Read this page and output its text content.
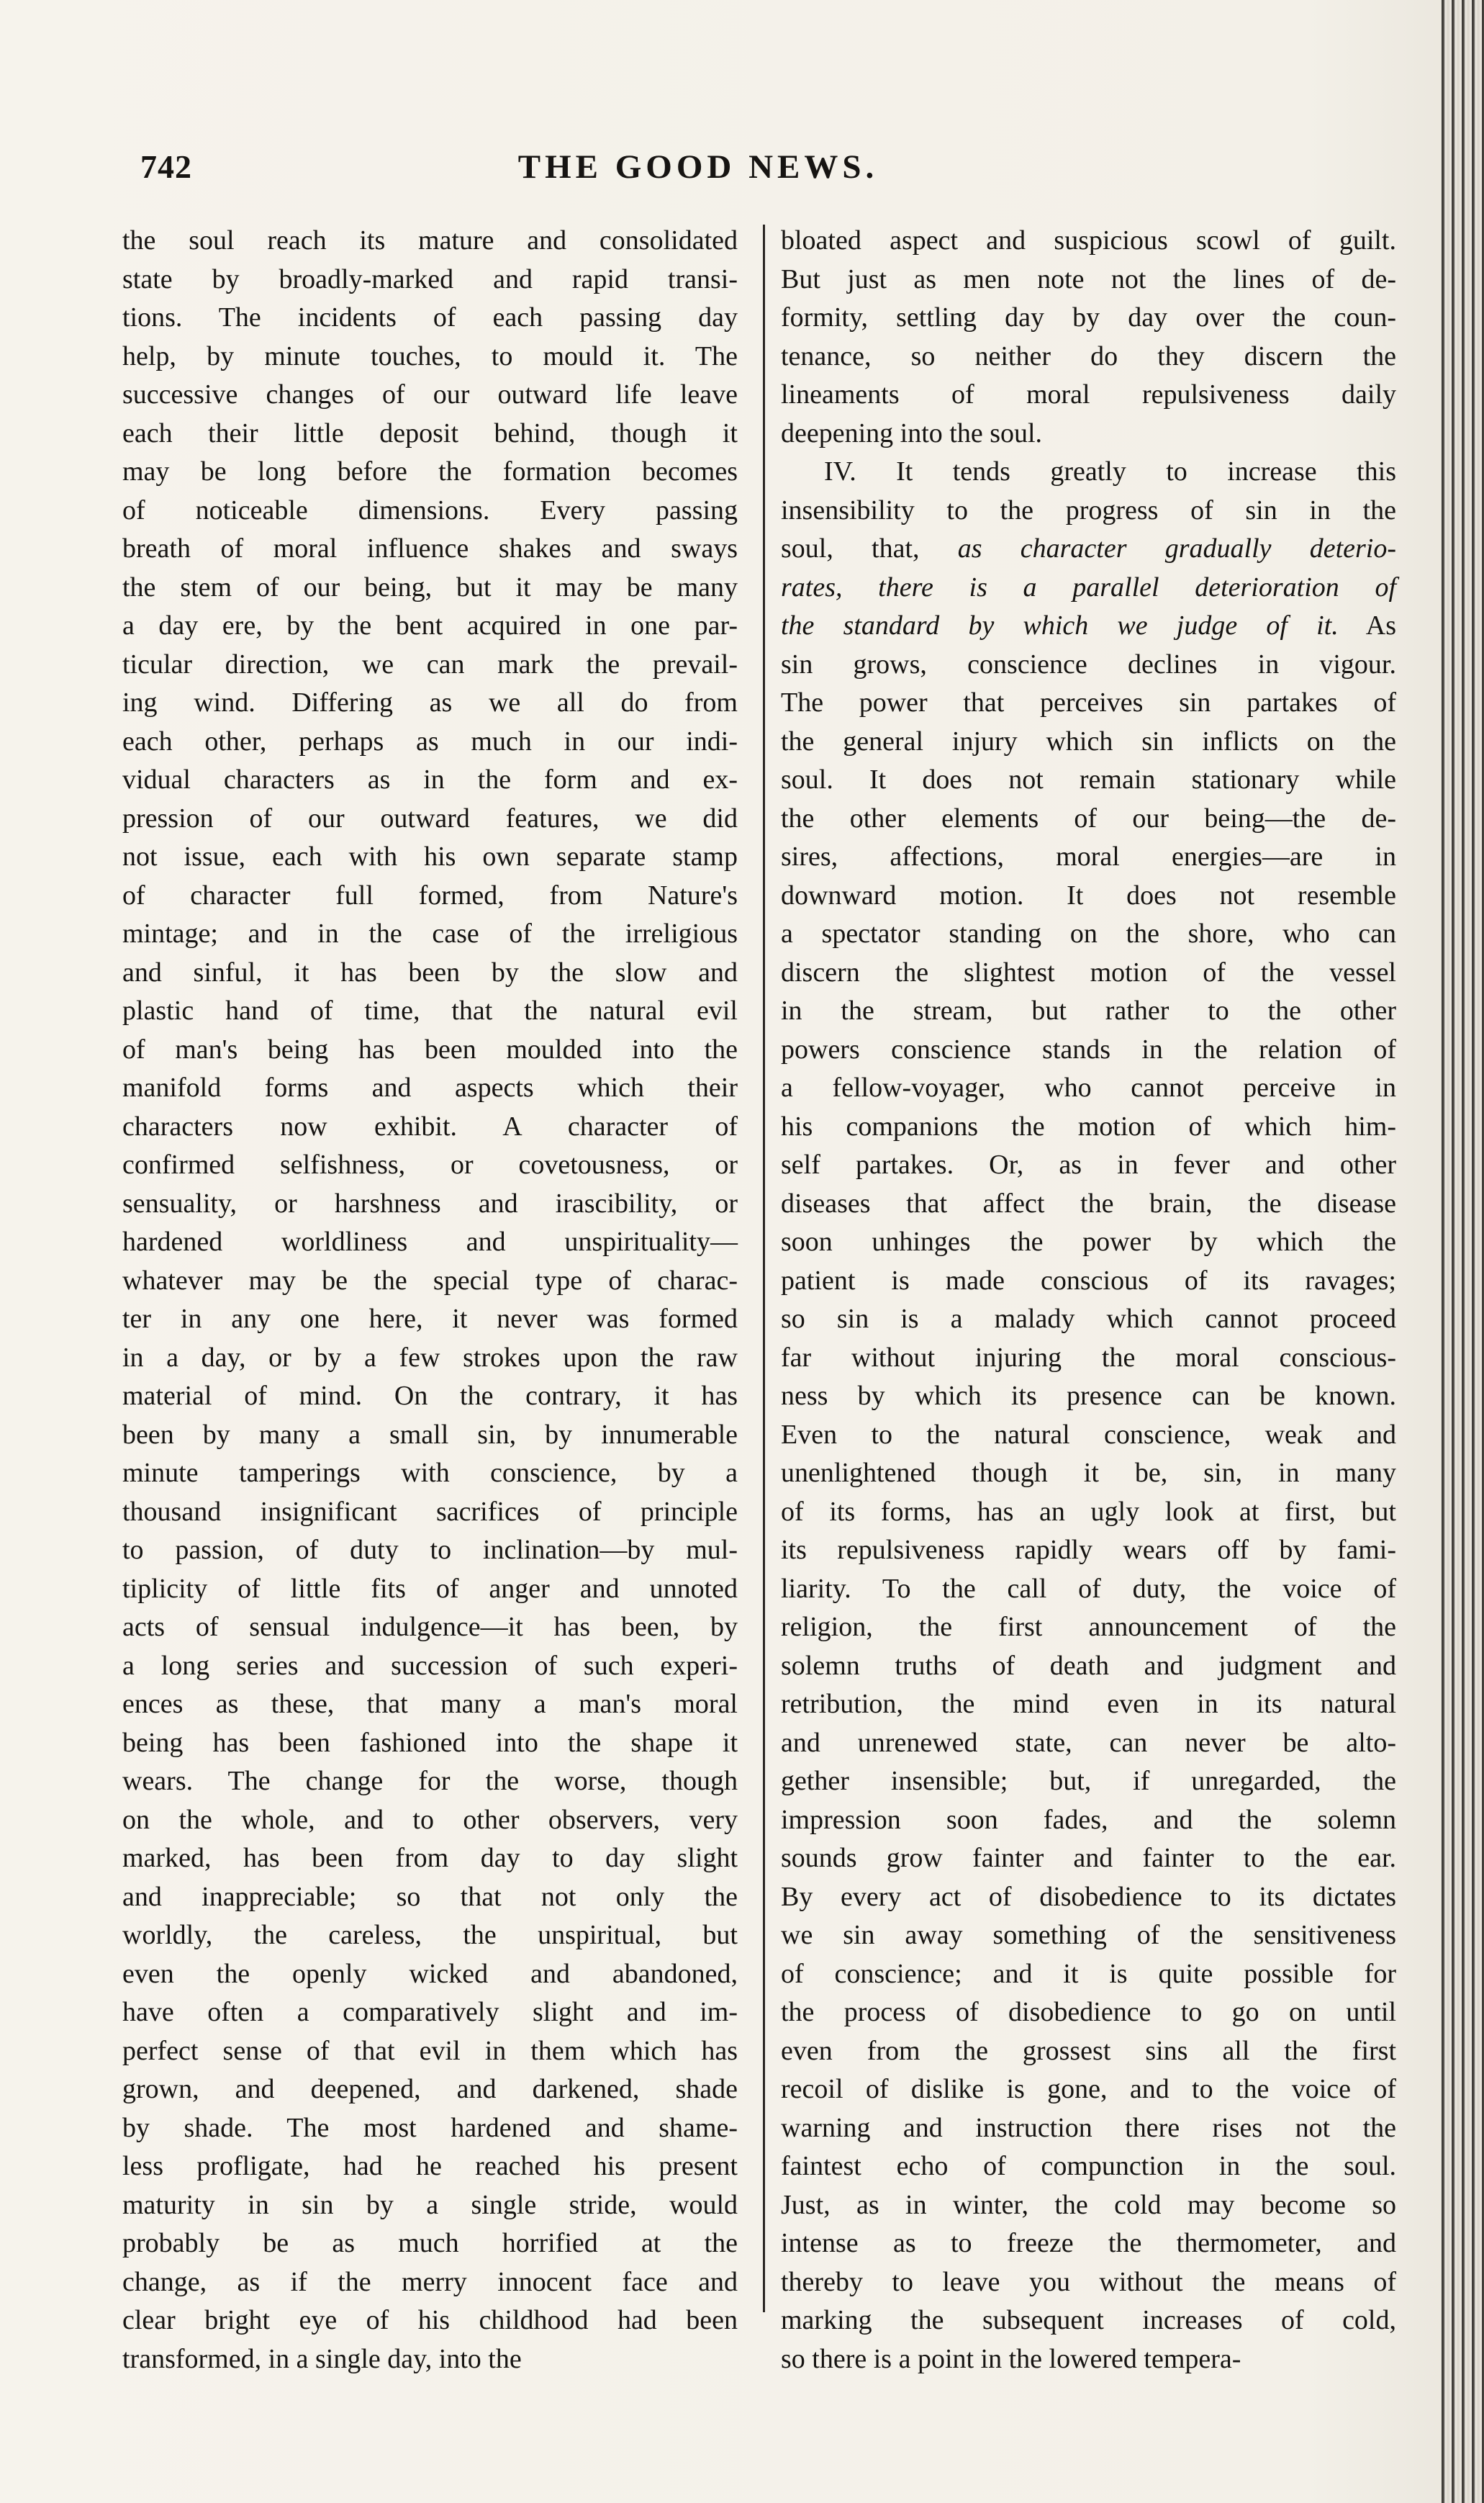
742	THE GOOD NEWS.
the soul reach its mature and consolidated
state by broadly-marked and rapid transi-
tions. The incidents of each passing day
help, by minute touches, to mould it. The
successive changes of our outward life leave
each their little deposit behind, though it
may be long before the formation becomes
of noticeable dimensions. Every passing
breath of moral influence shakes and sways
the stem of our being, but it may be many
a day ere, by the bent acquired in one par-
ticular direction, we can mark the prevail-
ing wind. Differing as we all do from
each other, perhaps as much in our indi-
vidual characters as in the form and ex-
pression of our outward features, we did
not issue, each with his own separate stamp
of character full formed, from Nature's
mintage; and in the case of the irreligious
and sinful, it has been by the slow and
plastic hand of time, that the natural evil
of man's being has been moulded into the
manifold forms and aspects which their
characters now exhibit. A character of
confirmed selfishness, or covetousness, or
sensuality, or harshness and irascibility, or
hardened worldliness and unspirituality—
whatever may be the special type of charac-
ter in any one here, it never was formed
in a day, or by a few strokes upon the raw
material of mind. On the contrary, it has
been by many a small sin, by innumerable
minute tamperings with conscience, by a
thousand insignificant sacrifices of principle
to passion, of duty to inclination—by mul-
tiplicity of little fits of anger and unnoted
acts of sensual indulgence—it has been, by
a long series and succession of such experi-
ences as these, that many a man's moral
being has been fashioned into the shape it
wears. The change for the worse, though
on the whole, and to other observers, very
marked, has been from day to day slight
and inappreciable; so that not only the
worldly, the careless, the unspiritual, but
even the openly wicked and abandoned,
have often a comparatively slight and im-
perfect sense of that evil in them which has
grown, and deepened, and darkened, shade
by shade. The most hardened and shame-
less profligate, had he reached his present
maturity in sin by a single stride, would
probably be as much horrified at the
change, as if the merry innocent face and
clear bright eye of his childhood had been
transformed, in a single day, into the
bloated aspect and suspicious scowl of guilt.
But just as men note not the lines of de-
formity, settling day by day over the coun-
tenance, so neither do they discern the
lineaments of moral repulsiveness daily
deepening into the soul.
IV. It tends greatly to increase this
insensibility to the progress of sin in the
soul, that, as character gradually deterio-
rates, there is a parallel deterioration of
the standard by which we judge of it. As
sin grows, conscience declines in vigour.
The power that perceives sin partakes of
the general injury which sin inflicts on the
soul. It does not remain stationary while
the other elements of our being—the de-
sires, affections, moral energies—are in
downward motion. It does not resemble
a spectator standing on the shore, who can
discern the slightest motion of the vessel
in the stream, but rather to the other
powers conscience stands in the relation of
a fellow-voyager, who cannot perceive in
his companions the motion of which him-
self partakes. Or, as in fever and other
diseases that affect the brain, the disease
soon unhinges the power by which the
patient is made conscious of its ravages;
so sin is a malady which cannot proceed
far without injuring the moral conscious-
ness by which its presence can be known.
Even to the natural conscience, weak and
unenlightened though it be, sin, in many
of its forms, has an ugly look at first, but
its repulsiveness rapidly wears off by fami-
liarity. To the call of duty, the voice of
religion, the first announcement of the
solemn truths of death and judgment and
retribution, the mind even in its natural
and unrenewed state, can never be alto-
gether insensible; but, if unregarded, the
impression soon fades, and the solemn
sounds grow fainter and fainter to the ear.
By every act of disobedience to its dictates
we sin away something of the sensitiveness
of conscience; and it is quite possible for
the process of disobedience to go on until
even from the grossest sins all the first
recoil of dislike is gone, and to the voice of
warning and instruction there rises not the
faintest echo of compunction in the soul.
Just, as in winter, the cold may become so
intense as to freeze the thermometer, and
thereby to leave you without the means of
marking the subsequent increases of cold,
so there is a point in the lowered tempera-
